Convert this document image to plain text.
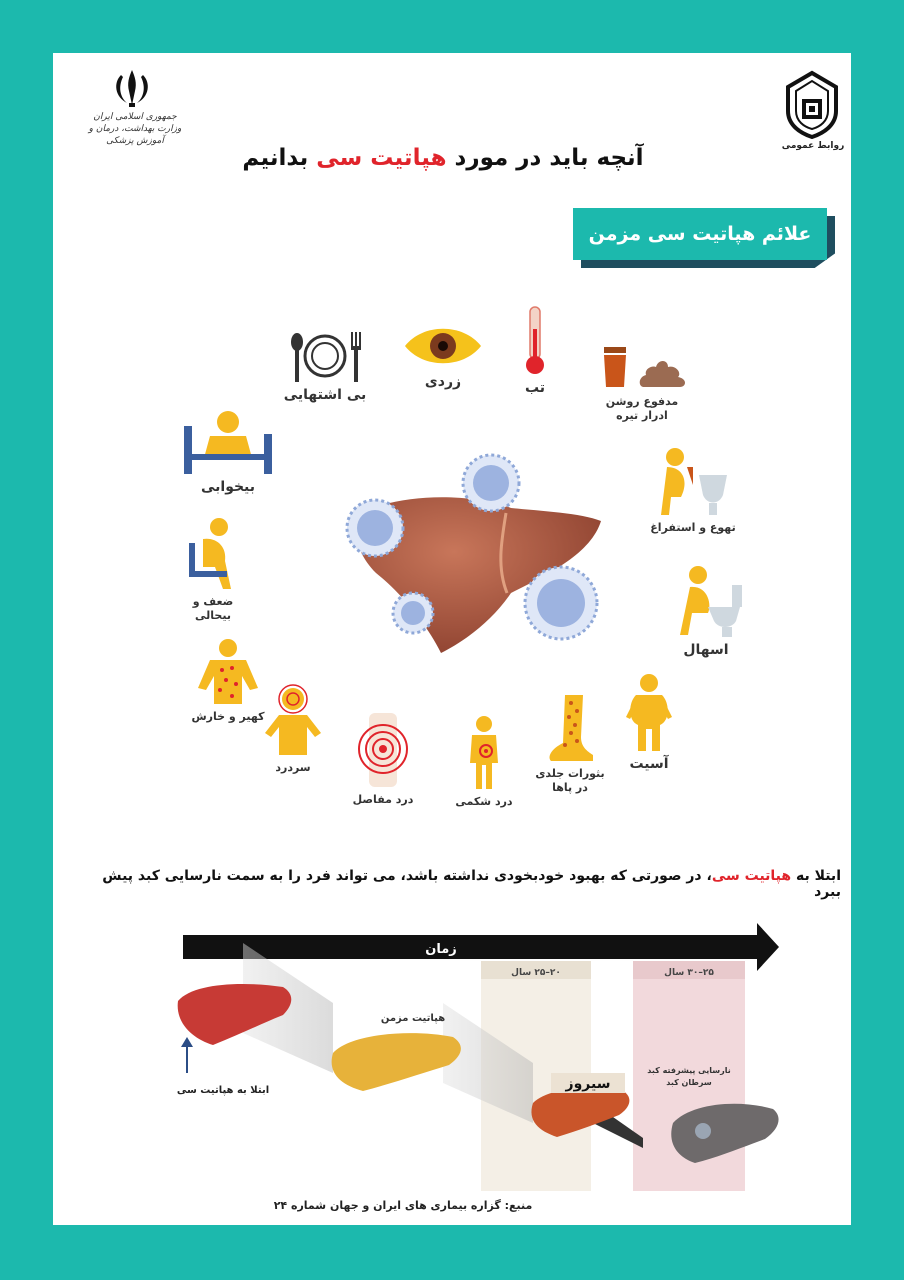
جمهوری اسلامی ایران
وزارت بهداشت، درمان و آموزش پزشکی	روابط عمومی
آنچه باید در مورد هپاتیت سی بدانیم
علائم هپاتیت سی مزمن
بی اشتهایی
زردی	تب
مدفوع روشن
ادرار تیره
تهوع و استفراغ
اسهال
آسیت
بثورات جلدی
در پاها
درد شکمی
درد مفاصل
سردرد
کهیر و خارش
ضعف و بیحالی
بیخوابی
ابتلا به هپاتیت سی، در صورتی که بهبود خودبخودی نداشته باشد، می تواند فرد را به سمت نارسایی کبد پیش ببرد
زمان
۲۰–۲۵ سال	۲۵–۳۰ سال
هپاتیت مزمن
سیروز
ابتلا به هپاتیت سی
نارسایی پیشرفته کبد
سرطان کبد
منبع: گزاره بیماری های ایران و جهان شماره ۲۴
